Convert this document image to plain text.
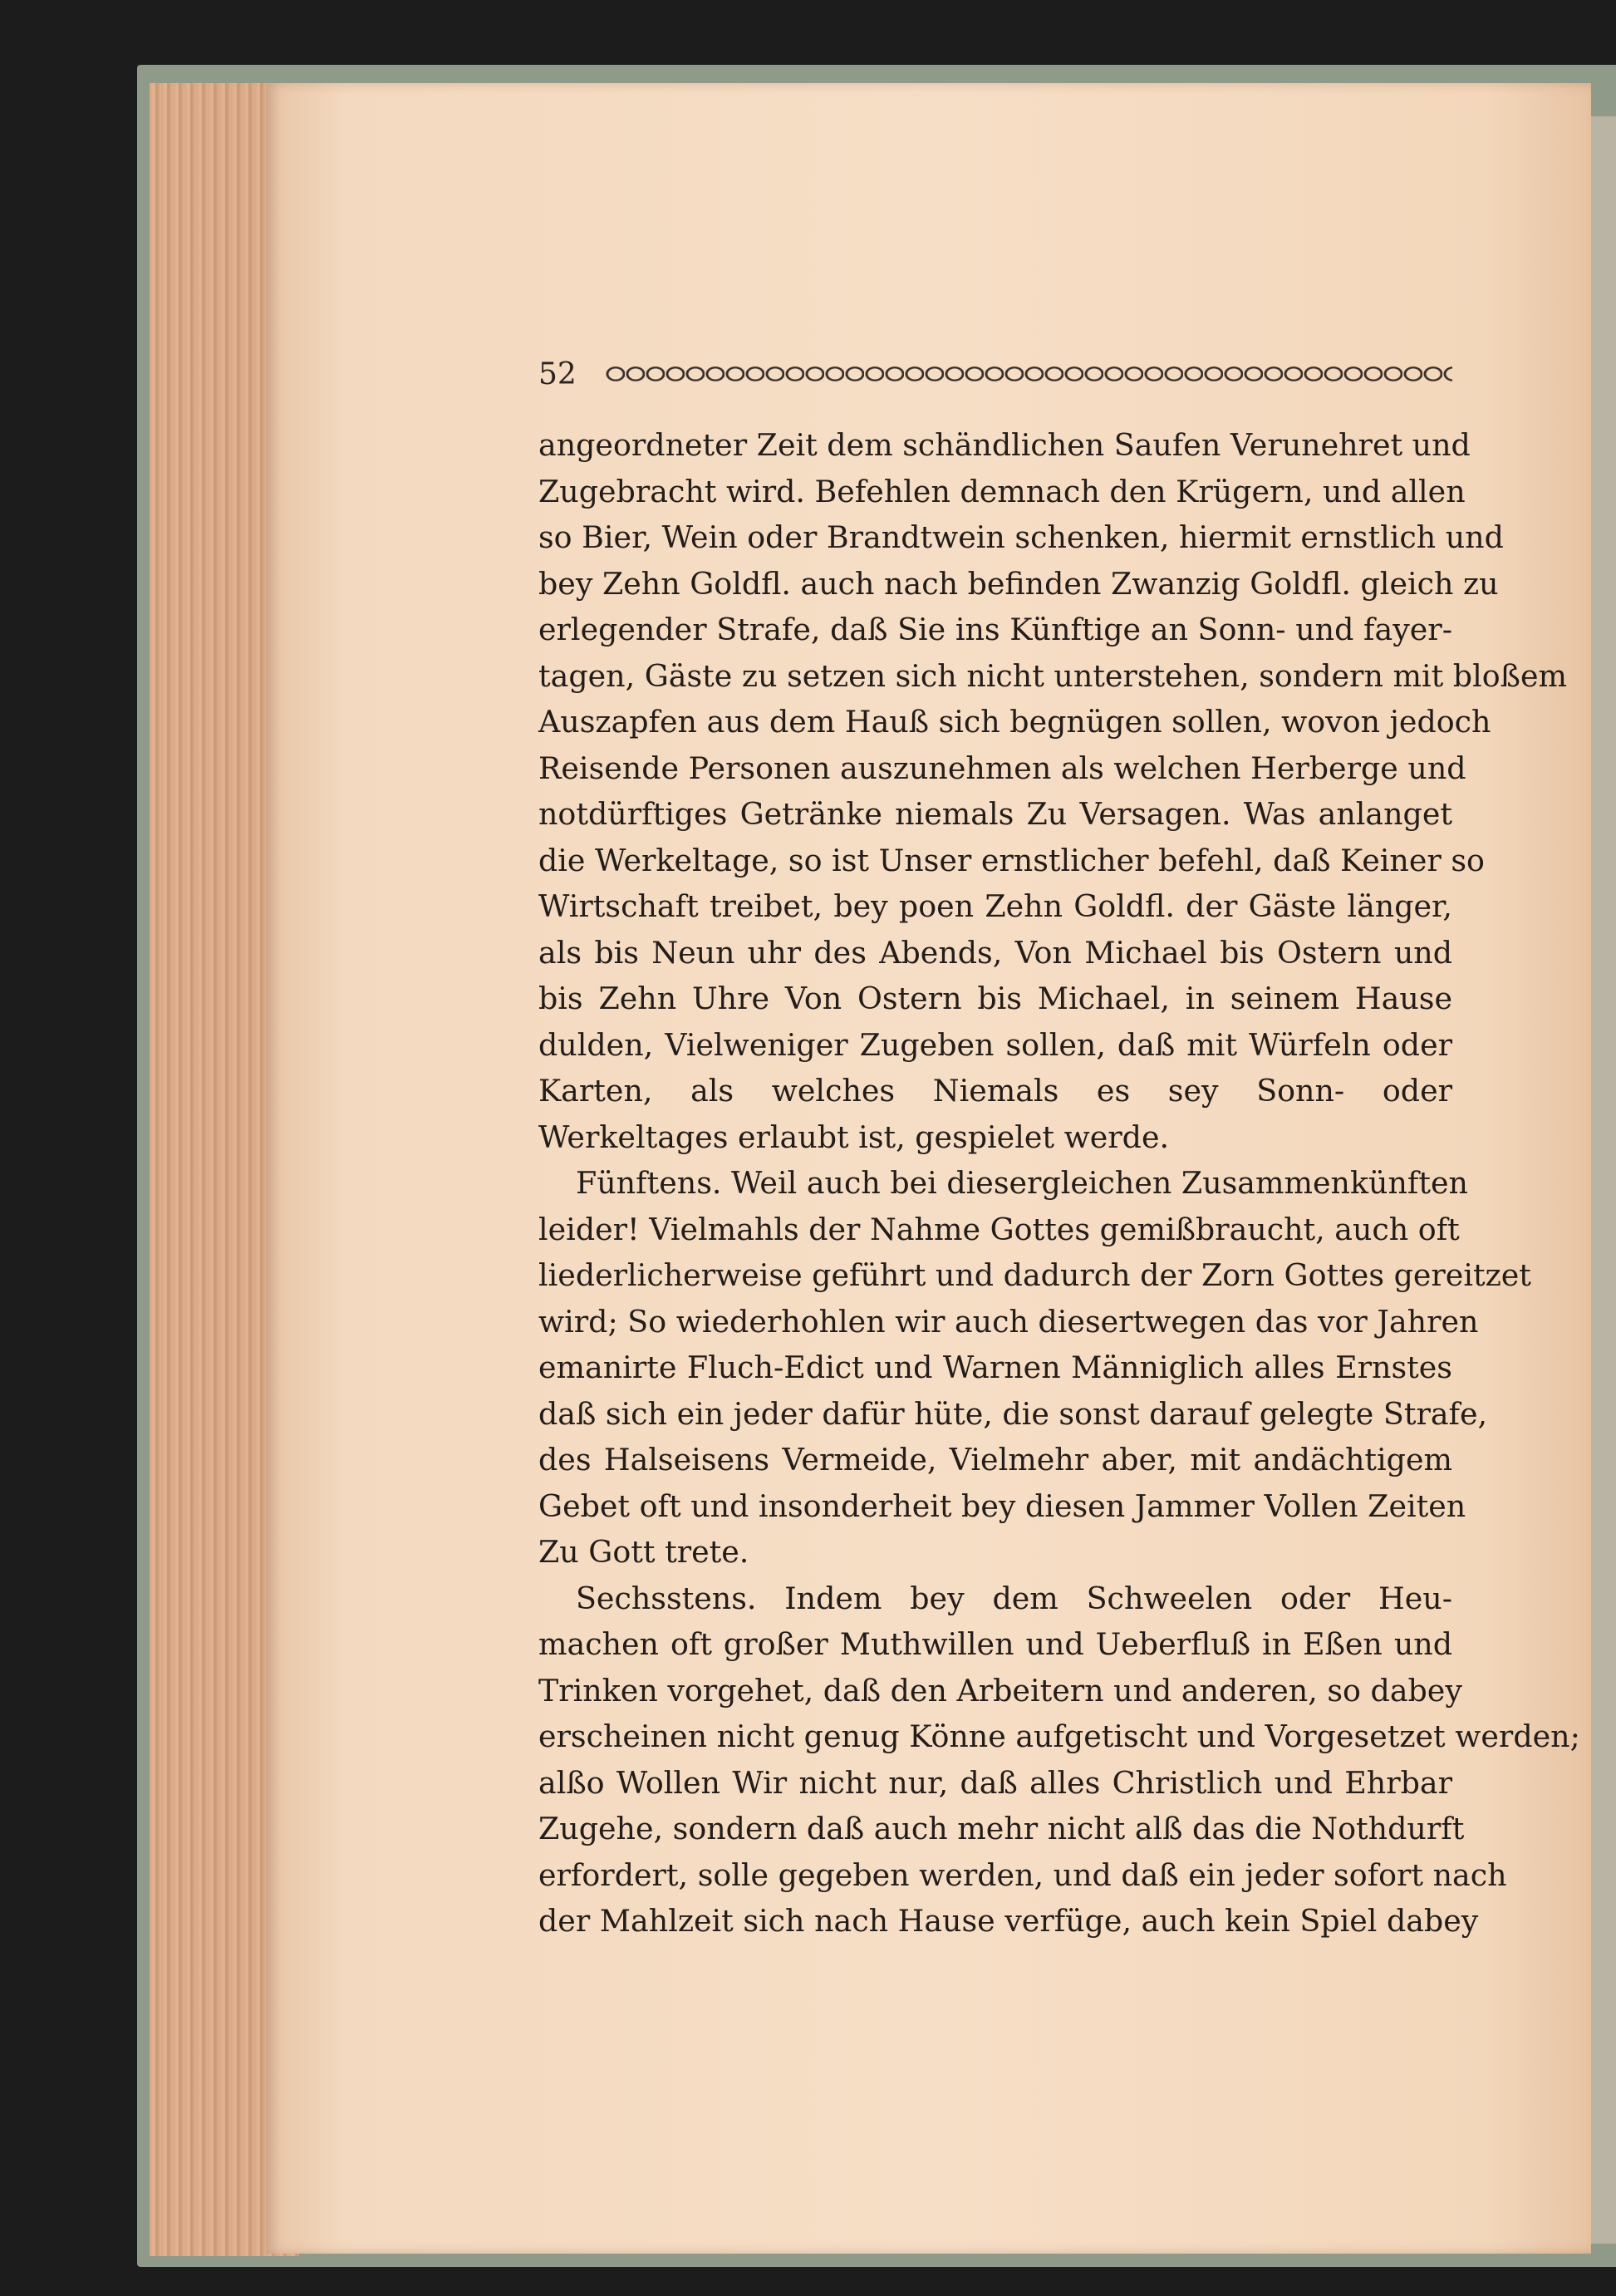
52
angeordneter Zeit dem schändlichen Saufen Verunehret und
Zugebracht wird. Befehlen demnach den Krügern, und allen
so Bier, Wein oder Brandtwein schenken, hiermit ernstlich und
bey Zehn Goldfl. auch nach befinden Zwanzig Goldfl. gleich zu
erlegender Strafe, daß Sie ins Künftige an Sonn- und fayer-
tagen, Gäste zu setzen sich nicht unterstehen, sondern mit bloßem
Auszapfen aus dem Hauß sich begnügen sollen, wovon jedoch
Reisende Personen auszunehmen als welchen Herberge und
notdürftiges Getränke niemals Zu Versagen. Was anlanget
die Werkeltage, so ist Unser ernstlicher befehl, daß Keiner so
Wirtschaft treibet, bey poen Zehn Goldfl. der Gäste länger,
als bis Neun uhr des Abends, Von Michael bis Ostern und
bis Zehn Uhre Von Ostern bis Michael, in seinem Hause
dulden, Vielweniger Zugeben sollen, daß mit Würfeln oder
Karten, als welches Niemals es sey Sonn- oder
Werkeltages erlaubt ist, gespielet werde.
Fünftens. Weil auch bei diesergleichen Zusammenkünften
leider! Vielmahls der Nahme Gottes gemißbraucht, auch oft
liederlicherweise geführt und dadurch der Zorn Gottes gereitzet
wird; So wiederhohlen wir auch diesertwegen das vor Jahren
emanirte Fluch-Edict und Warnen Männiglich alles Ernstes
daß sich ein jeder dafür hüte, die sonst darauf gelegte Strafe,
des Halseisens Vermeide, Vielmehr aber, mit andächtigem
Gebet oft und insonderheit bey diesen Jammer Vollen Zeiten
Zu Gott trete.
Sechsstens. Indem bey dem Schweelen oder Heu-
machen oft großer Muthwillen und Ueberfluß in Eßen und
Trinken vorgehet, daß den Arbeitern und anderen, so dabey
erscheinen nicht genug Könne aufgetischt und Vorgesetzet werden;
alßo Wollen Wir nicht nur, daß alles Christlich und Ehrbar
Zugehe, sondern daß auch mehr nicht alß das die Nothdurft
erfordert, solle gegeben werden, und daß ein jeder sofort nach
der Mahlzeit sich nach Hause verfüge, auch kein Spiel dabey
